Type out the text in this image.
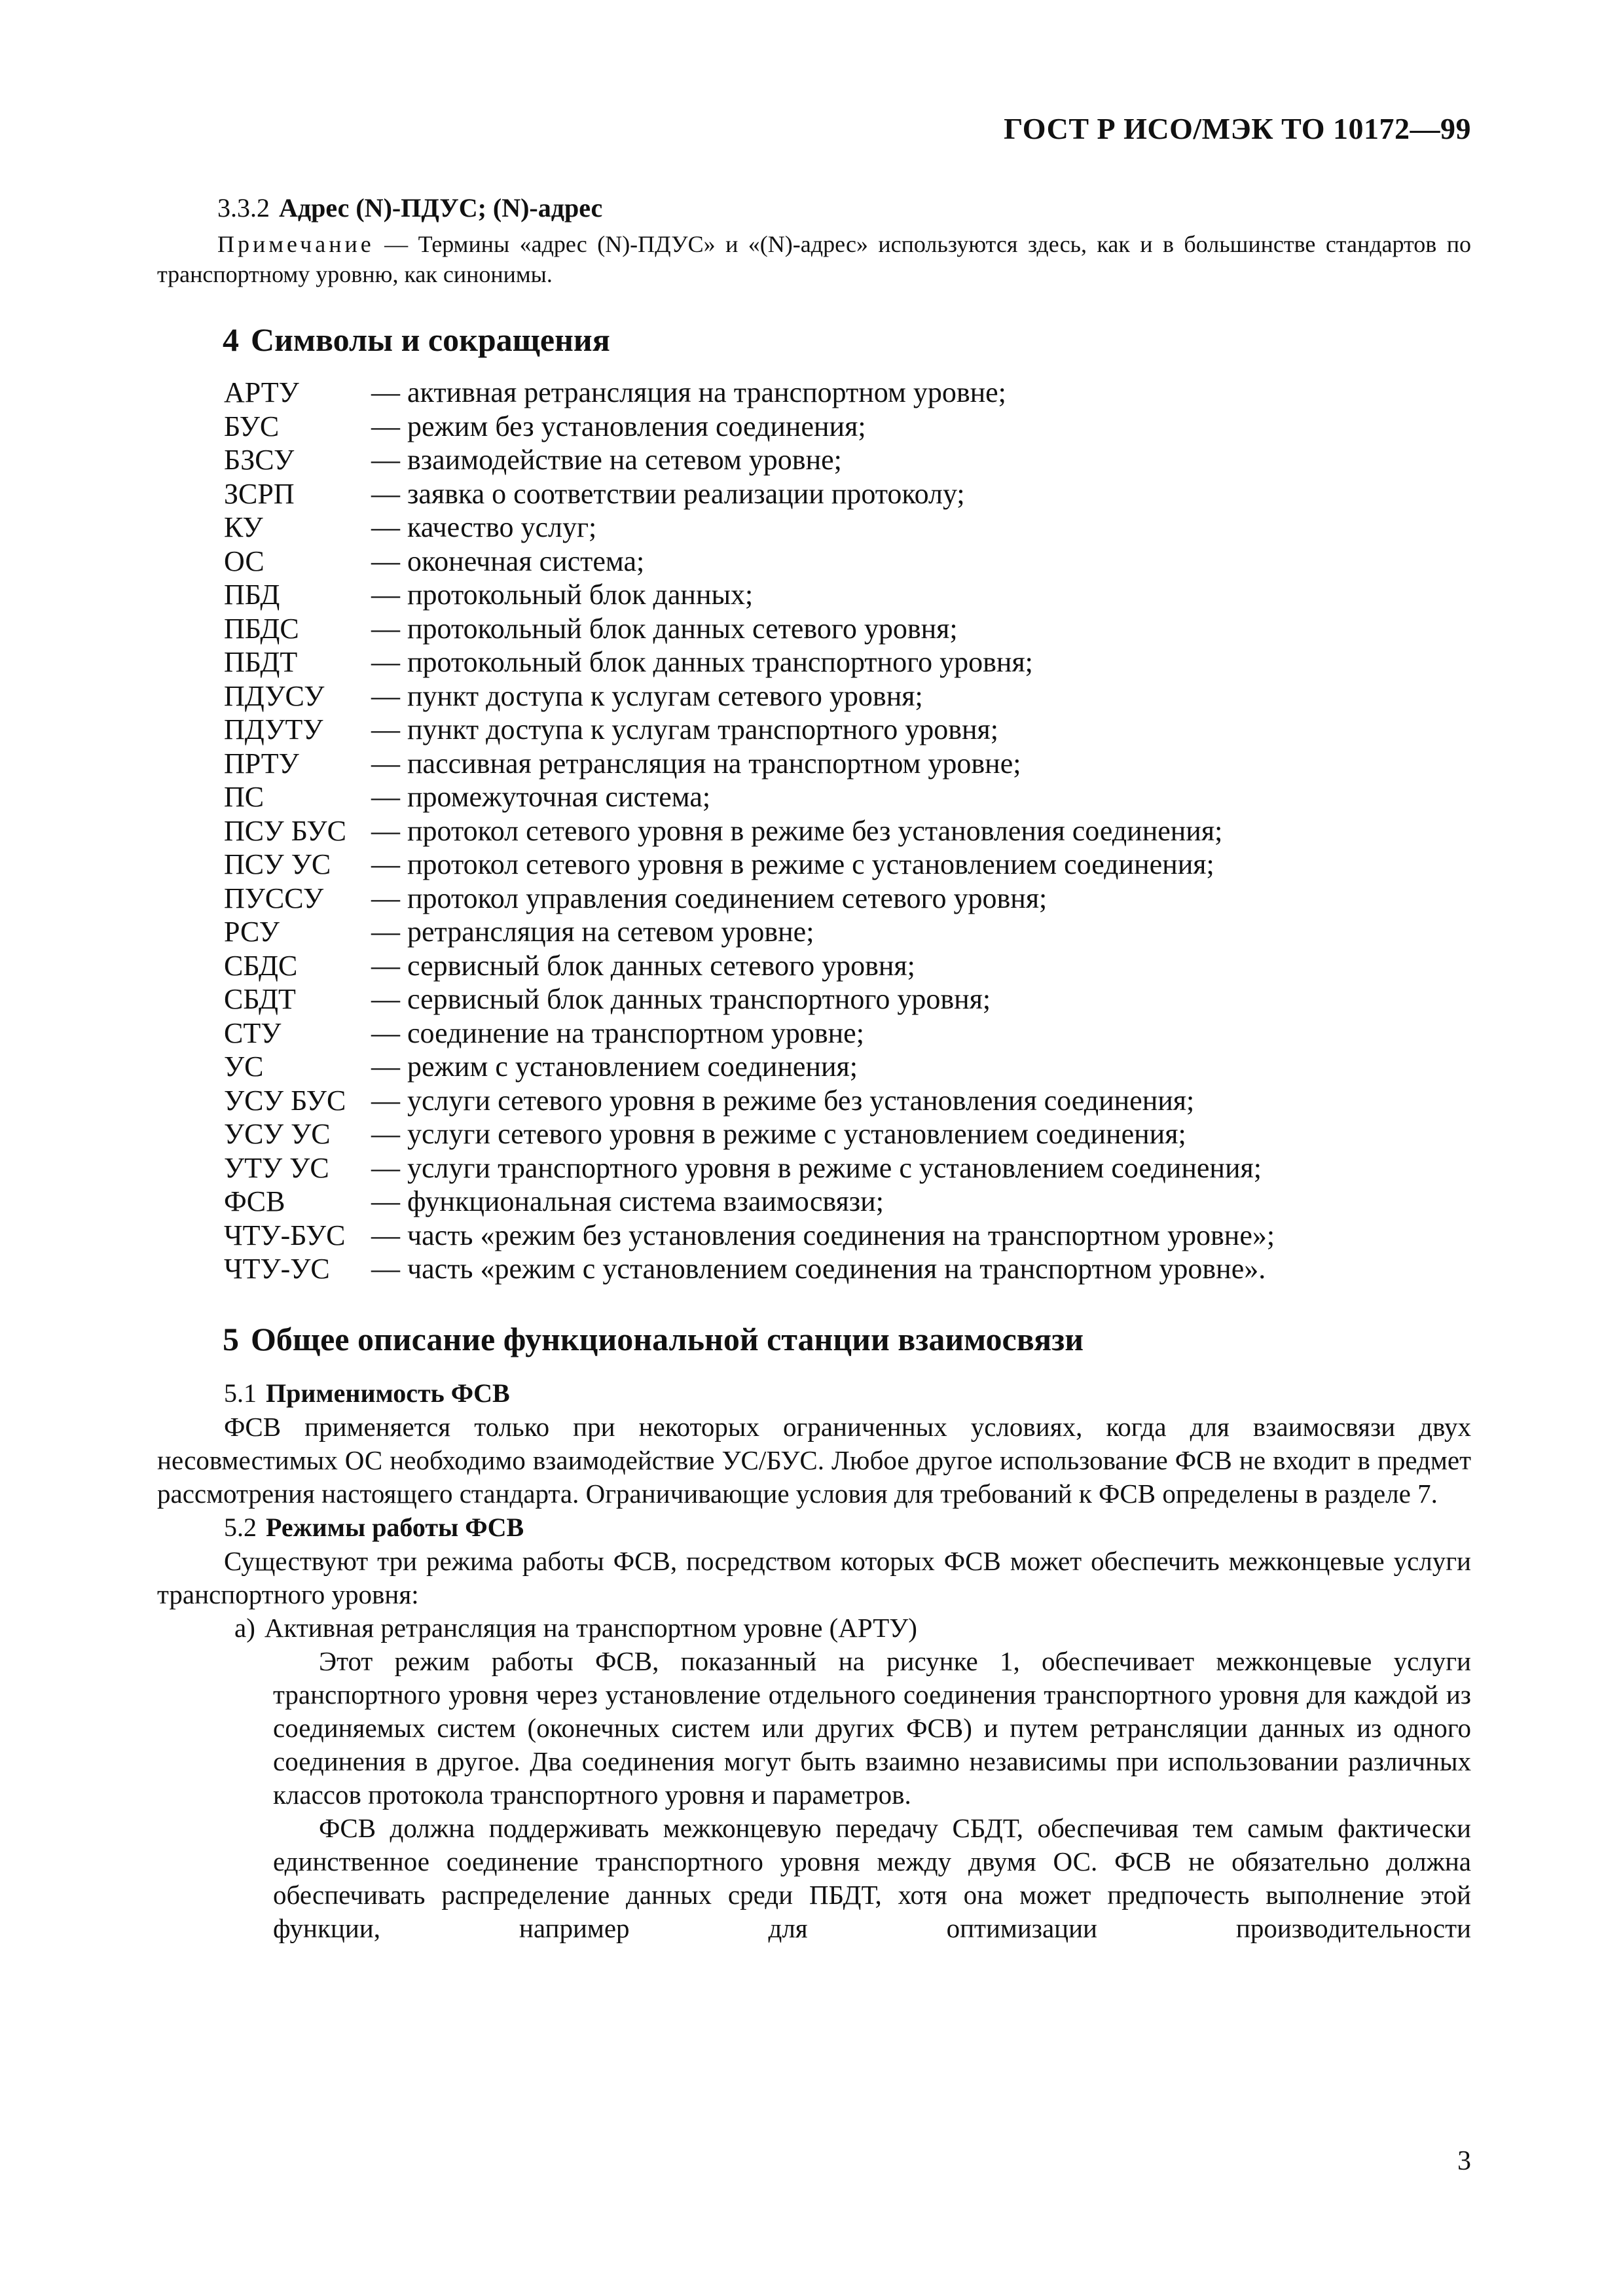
ГОСТ Р ИСО/МЭК ТО 10172—99
3.3.2 Адрес (N)-ПДУС; (N)-адрес
Примечание — Термины «адрес (N)-ПДУС» и «(N)-адрес» используются здесь, как и в большинстве стандартов по транспортному уровню, как синонимы.
4 Символы и сокращения
АРТУ	— активная ретрансляция на транспортном уровне;
БУС	— режим без установления соединения;
БЗСУ	— взаимодействие на сетевом уровне;
ЗСРП	— заявка о соответствии реализации протоколу;
КУ	— качество услуг;
ОС	— оконечная система;
ПБД	— протокольный блок данных;
ПБДС	— протокольный блок данных сетевого уровня;
ПБДТ	— протокольный блок данных транспортного уровня;
ПДУСУ	— пункт доступа к услугам сетевого уровня;
ПДУТУ	— пункт доступа к услугам транспортного уровня;
ПРТУ	— пассивная ретрансляция на транспортном уровне;
ПС	— промежуточная система;
ПСУ БУС — протокол сетевого уровня в режиме без установления соединения;
ПСУ УС	— протокол сетевого уровня в режиме с установлением соединения;
ПУССУ	— протокол управления соединением сетевого уровня;
РСУ	— ретрансляция на сетевом уровне;
СБДС	— сервисный блок данных сетевого уровня;
СБДТ	— сервисный блок данных транспортного уровня;
СТУ	— соединение на транспортном уровне;
УС	— режим с установлением соединения;
УСУ БУС — услуги сетевого уровня в режиме без установления соединения;
УСУ УС	— услуги сетевого уровня в режиме с установлением соединения;
УТУ УС	— услуги транспортного уровня в режиме с установлением соединения;
ФСВ	— функциональная система взаимосвязи;
ЧТУ-БУС — часть «режим без установления соединения на транспортном уровне»;
ЧТУ-УС	— часть «режим с установлением соединения на транспортном уровне».
5 Общее описание функциональной станции взаимосвязи
5.1 Применимость ФСВ

ФСВ применяется только при некоторых ограниченных условиях, когда для взаимосвязи двух несовместимых ОС необходимо взаимодействие УС/БУС. Любое другое использование ФСВ не входит в предмет рассмотрения настоящего стандарта. Ограничивающие условия для требований к ФСВ определены в разделе 7.

5.2 Режимы работы ФСВ

Существуют три режима работы ФСВ, посредством которых ФСВ может обеспечить межконцевые услуги транспортного уровня:

а) Активная ретрансляция на транспортном уровне (АРТУ)

Этот режим работы ФСВ, показанный на рисунке 1, обеспечивает межконцевые услуги транспортного уровня через установление отдельного соединения транспортного уровня для каждой из соединяемых систем (оконечных систем или других ФСВ) и путем ретрансляции данных из одного соединения в другое. Два соединения могут быть взаимно независимы при использовании различных классов протокола транспортного уровня и параметров.

ФСВ должна поддерживать межконцевую передачу СБДТ, обеспечивая тем самым фактически единственное соединение транспортного уровня между двумя ОС. ФСВ не обязательно должна обеспечивать распределение данных среди ПБДТ, хотя она может предпочесть выполнение этой функции, например для оптимизации производительности

3
